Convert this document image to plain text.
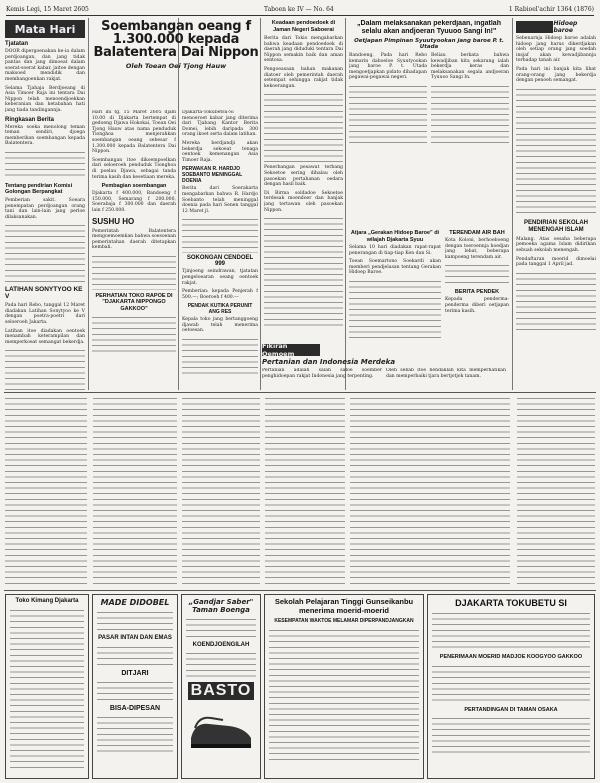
Kemis Legi, 15 Maret 2605	Taboen ke IV — No. 64	1 Rabioel'achir 1364 (1876)
Mata Hari
Tjatatan

DOOR dipergoenakan ke-ia dalam perdjoangan, dan jang tidak pantas dan jang dimoeat dalam soerat-soerat kabar, jaitoe dengan maksoed mendidik dan membangoenkan rakjat.

Selama Tjahaja Berdjoeang di Asia Timoer Raja ini tentara Dai Nippon telah menoendjoekkan keberanian dan ketabahan hati jang tiada tandingannja.

Ringkasan Berita

Mereka soeka menolong teman teman sendiri, djoega memberikan soembangan kepada Balatentera.

Tentang pendirian Komisi Golongan Berpangkat

Pemberian sakit. Soeara penempatan perdjoangan orang tani dan lain-lain jang perloe dilaksanakan.

LATIHAN SONYTYOO KE V

Pada hari Rebo, tanggal 12 Maret diadakan Latihan Sonytyoo ke V dengan poetra-poetri dari seloeroeh Jakarta.

Latihan itoe diadakan oentoek menambah keterampilan dan memperkoeat semangat bekerdja.

Soembangan oeang f 1.300.000 kepada Balatentera Dai Nippon
Oleh Toean Oei Tjong Hauw

Hari ini tg. 15 Maret 2605 djam 10.00 di Djakarta bertempat di gedoeng Djawa Hokokai, Toean Oei Tjong Hauw atas nama penduduk Tionghoa menjerahkan soembangan oeang sebesar f 1.300.000 kepada Balatentera Dai Nippon.

Soembangan itoe dikoempoelkan dari seloeroeh penduduk Tionghoa di poelau Djawa, sebagai tanda terima kasih dan kesetiaan mereka.

Pembagian soembangan

Djakarta f 400.000, Bandoeng f 150.000, Semarang f 200.000, Soerabaja f 300.000 dan daerah lain f 250.000.

SUSHU HO

Pemerintah Balatentera mengoemoemkan bahwa soesoenan pemerintahan daerah ditetapkan kembali.

PERHATIAN TOKO RAPOE DI "DJAKARTA NIPPONGO GAKKOO"

Djakarta-Tokubetsu-Si menoeroet kabar jang diterima dari Tjabang Kantor Berita Domei, lebih daripada 300 orang ikoet serta dalam latihan.

Mereka berdjandji akan bekerdja sekoeat tenaga oentoek kemenangan Asia Timoer Raja.

PERWAKAN R. HARDJO SOEBANTO MENINGGAL DOENIA

Berita dari Soerakarta mengabarkan bahwa R. Hardjo Soebanto telah meninggal doenia pada hari Senen tanggal 12 Maret jl.

SOKONGAN CENDOEL 999

Tjinjoeng seindrawan, tjatatan pengeloearan oeang oentoek rakjat.

Pemberian: kepada Penjerah f 500.—; Boeroeh f 400.—

PENDAK KUTIKA PERUNIT ANG RES

Kepala toko jang bertanggoeng djawab telah menerima oetoesan.

Keadaan pendoedoek di Jaman Negeri Saboerai

Berita dari Tokio mengabarkan bahwa keadaan pendoedoek di daerah jang diduduki tentara Dai Nippon semakin baik dan aman sentosa.

Pengoeasaan bahan makanan diatoer oleh pemerintah daerah setempat sehingga rakjat tidak kekoerangan.

Penerbangan pesawat terbang Sekoetoe sering dihalau oleh pasoekan pertahanan oedara dengan hasil baik.

Di Birma soldadoe Sekoetoe terdesak moendoer dan banjak jang tertawan oleh pasoekan Nippon.

„Dalam melaksanakan pekerdjaan, ingatlah selalu akan andjoeran Tyuuoo Sangi In!"
Oetjapan Pimpinan Syuutyookan jang baroe P. t. Utada

Bandoeng, Pada hari Rebo kemarin dahoeloe Syuutyookan jang baroe P. t. Utada mengoetjapkan pidato dihadapan pegawai-pegawai negeri.

Beliau berkata bahwa kewadjiban kita sekarang ialah bekerdja keras dan melaksanakan segala andjoeran Tyuuoo Sangi In.

Atjara „Gerakan Hidoep Baroe" di wilajah Djakarta Syuu

Selama 10 hari diadakan rapat-rapat penerangan di tiap-tiap Ken dan Si.

Toean Soemartono Soekardi akan memberi pendjelasan tentang Gerakan Hidoep Baroe.

Fikiran Oemoem
Pertanian dan Indonesia Merdeka

Pertanian adalah salah satoe soember penghidoepan rakjat Indonesia jang terpenting.

Oleh sebab itoe hendaklah kita memperhatikan dan memperbaiki tjara bertjotjok tanam.

TERENDAM AIR BAH

Kota Koloni, berhoeboeng dengan toeroennja hoedjan jang lebat, beberapa kampoeng terendam air.

BERITA PENDEK

Kepada penderma-penderma diberi oetjapan terima kasih.

Hidoep baroe

Sebenarnja Hidoep baroe adalah hidoep jang harus dikerdjakan oleh setiap orang jang soedah insjaf akan kewadjibannja terhadap tanah air.

Pada hari ini banjak kita lihat orang-orang jang bekerdja dengan penoeh semangat.

PENDIRIAN SEKOLAH MENENGAH ISLAM

Malang. Atas oesaha beberapa pemoeka agama Islam didirikan sebuah sekolah menengah.

Pendaftaran moerid dimoelai pada tanggal 1 April jad.

Toko Kimang Djakarta	MADE DIDOBEL
PASAR INTAN DAN EMAS
DITJARI
BISA-DIPESAN
„Gandjar Saber" Taman Boenga
KOENDJOENGILAH
BASTO
Sekolah Pelajaran Tinggi Gunseikanbu menerima moerid-moerid
KESEMPATAN WAKTOE MELAMAR DIPERPANDJANGKAN
DJAKARTA TOKUBETU SI
PENERIMAAN MOERID MADJOE KOOGYOO GAKKOO
PERTANDINGAN DI TAMAN OSAKA
